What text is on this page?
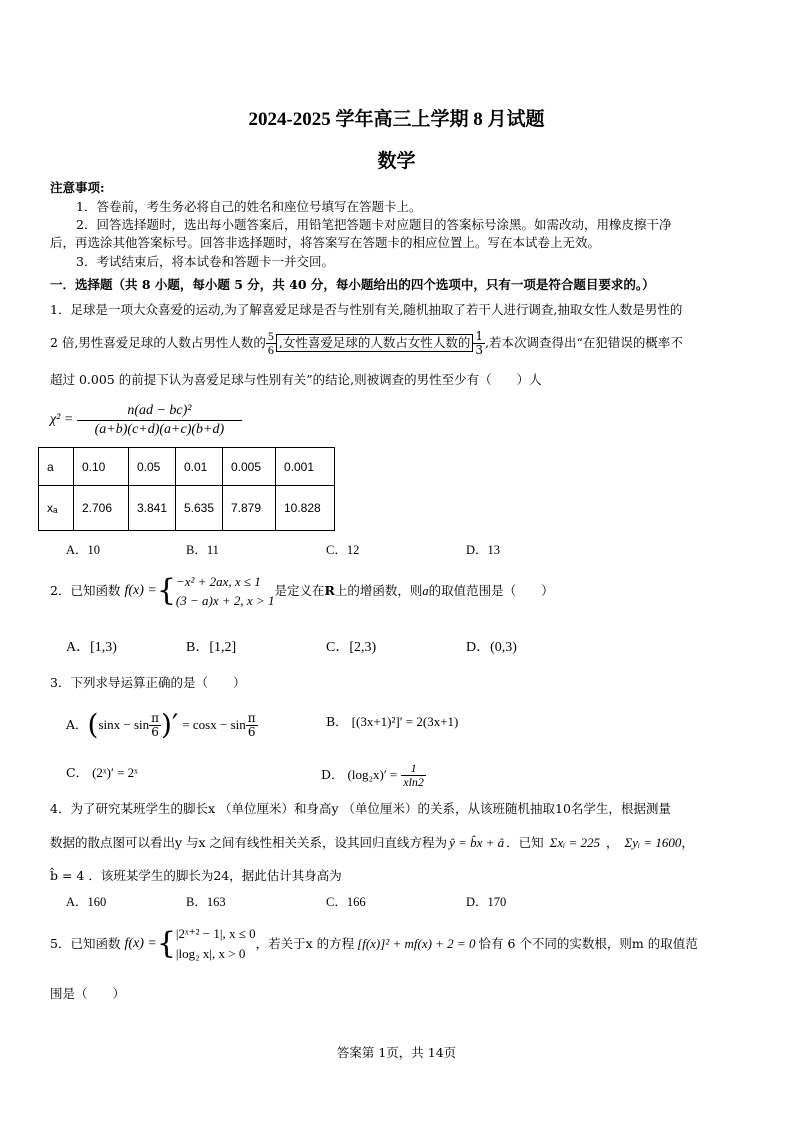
2024-2025 学年高三上学期 8 月试题
数学
注意事项:
1．答卷前，考生务必将自己的姓名和座位号填写在答题卡上。
2．回答选择题时，选出每小题答案后，用铅笔把答题卡对应题目的答案标号涂黑。如需改动，用橡皮擦干净
后，再选涂其他答案标号。回答非选择题时，将答案写在答题卡的相应位置上。写在本试卷上无效。
3．考试结束后，将本试卷和答题卡一并交回。
一．选择题（共 8 小题，每小题 5 分，共 40 分，每小题给出的四个选项中，只有一项是符合题目要求的。）
1．足球是一项大众喜爱的运动,为了解喜爱足球是否与性别有关,随机抽取了若干人进行调查,抽取女性人数是男性的
2 倍,男性喜爱足球的人数占男性人数的 $\frac{5}{6}$ ,女性喜爱足球的人数占女性人数的 $\frac{1}{3}$ ,若本次调查得出“在犯错误的概率不
超过 0.005 的前提下认为喜爱足球与性别有关”的结论,则被调查的男性至少有（　　）人
$\chi^2 = \frac{\text{n(ad − bc)²}}{(a+b)(c+d)(a+c)(b+d)}$
a	0.10	0.05	0.01	0.005	0.001
xₐ	2.706	3.841	5.635	7.879	10.828
A．10	B．11	C．12	D．13
2．已知函数 f(x) = { −x² + 2ax, x ≤ 1
(3 − a)x + 2, x > 1
是定义在 R 上的增函数，则 a 的取值范围是（　　）
A．[1,3)	B．[1,2]	C．[2,3)	D．(0,3)
3．下列求导运算正确的是（　　）
A． ( $\sin x - \sin \frac{\pi}{6}$ )′ = $\cos x - \sin \frac{\pi}{6}$	B． [(3x+1)²]′ = 2(3x+1)
C． (2ˣ)′ = 2ˣ	D． $(\log_2x)' = \frac{1}{xln2}$
4．为了研究某班学生的脚长x （单位厘米）和身高y （单位厘米）的关系，从该班随机抽取10名学生，根据测量
数据的散点图可以看出y 与x 之间有线性相关关系，设其回归直线方程为 ŷ = b̂x + â ．已知 Σxᵢ = 225 ， Σyᵢ = 1600 ，
b̂ = 4 ．该班某学生的脚长为24，据此估计其身高为
A．160	B．163	C．166	D．170
5．已知函数 f(x) = { |2ˣ⁺² − 1|, x ≤ 0
|log₂ x|, x > 0
，若关于x 的方程 [f(x)]² + mf(x) + 2 = 0 恰有 6 个不同的实数根，则m 的取值范
围是（　　）
答案第 1页，共 14页
